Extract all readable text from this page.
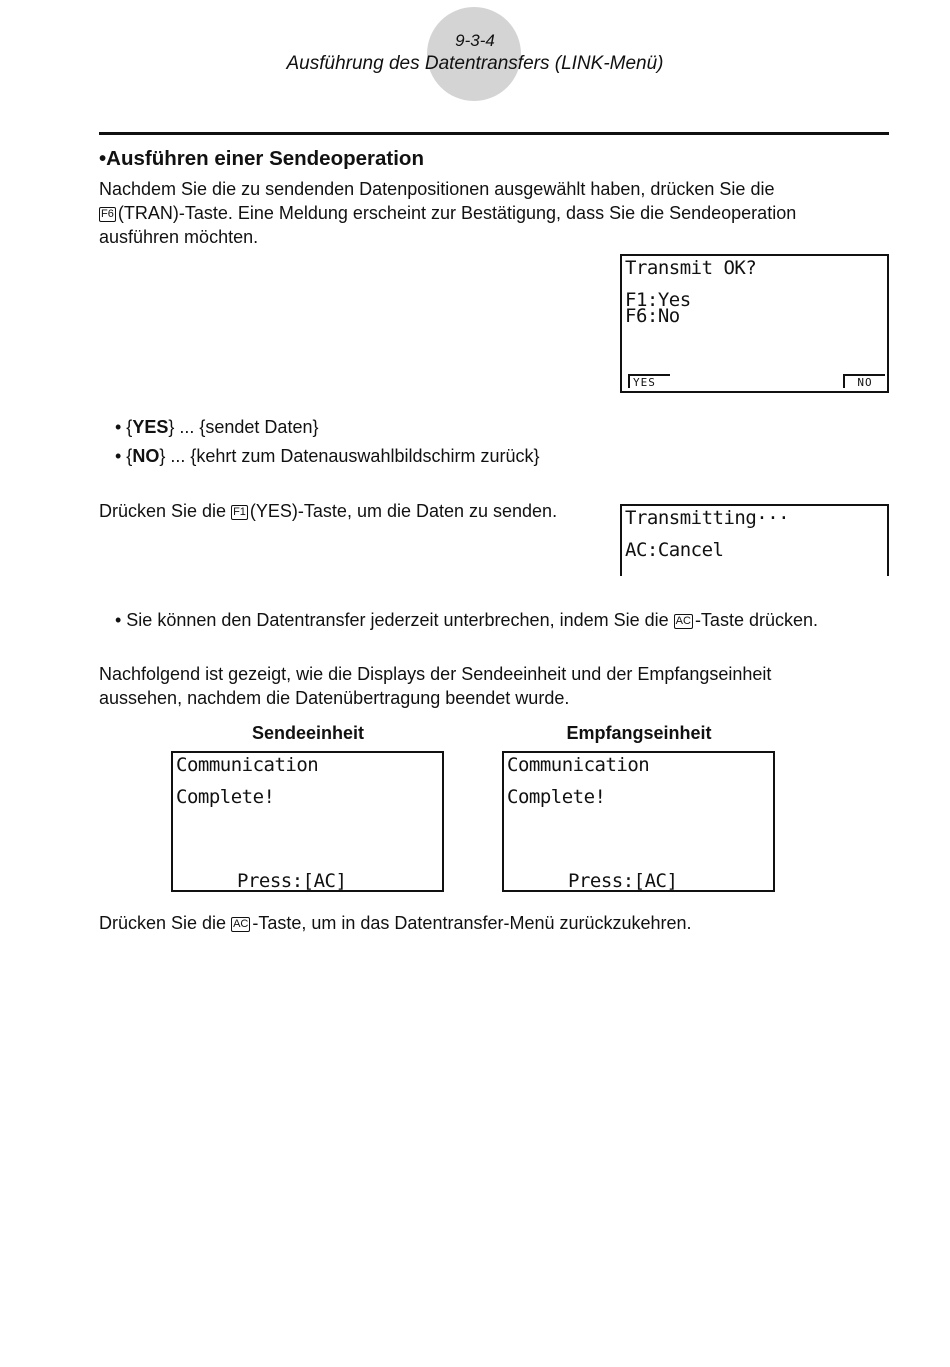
9-3-4
Ausführung des Datentransfers (LINK-Menü)
•Ausführen einer Sendeoperation
Nachdem Sie die zu sendenden Datenpositionen ausgewählt haben, drücken Sie die
F6 (TRAN)-Taste. Eine Meldung erscheint zur Bestätigung, dass Sie die Sendeoperation
ausführen möchten.
Transmit OK?
F1:Yes
F6:No
YES	NO
• {YES} ... {sendet Daten}
• {NO} ... {kehrt zum Datenauswahlbildschirm zurück}
Drücken Sie die F1 (YES)-Taste, um die Daten zu senden.	Transmitting···
AC:Cancel
• Sie können den Datentransfer jederzeit unterbrechen, indem Sie die AC -Taste drücken.
Nachfolgend ist gezeigt, wie die Displays der Sendeeinheit und der Empfangseinheit
aussehen, nachdem die Datenübertragung beendet wurde.
Sendeeinheit	Empfangseinheit
Communication
Complete!
Press:[AC]
Communication
Complete!
Press:[AC]
Drücken Sie die AC -Taste, um in das Datentransfer-Menü zurückzukehren.
